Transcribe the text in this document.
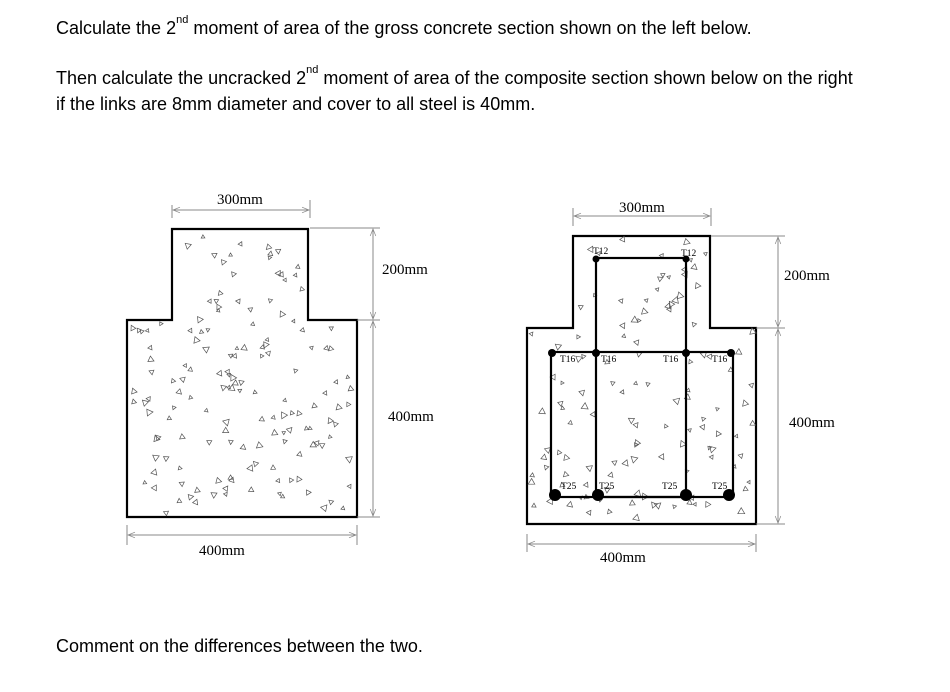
Calculate the 2nd moment of area of the gross concrete section shown on the left below.
Then calculate the uncracked 2nd moment of area of the composite section shown below on the right
if the links are 8mm diameter and cover to all steel is 40mm.
Comment on the differences between the two.
300mm
200mm
400mm
400mm
T12	T12
T16	T16	T16	T16
T25 T25	T25	T25
300mm
200mm
400mm
400mm
